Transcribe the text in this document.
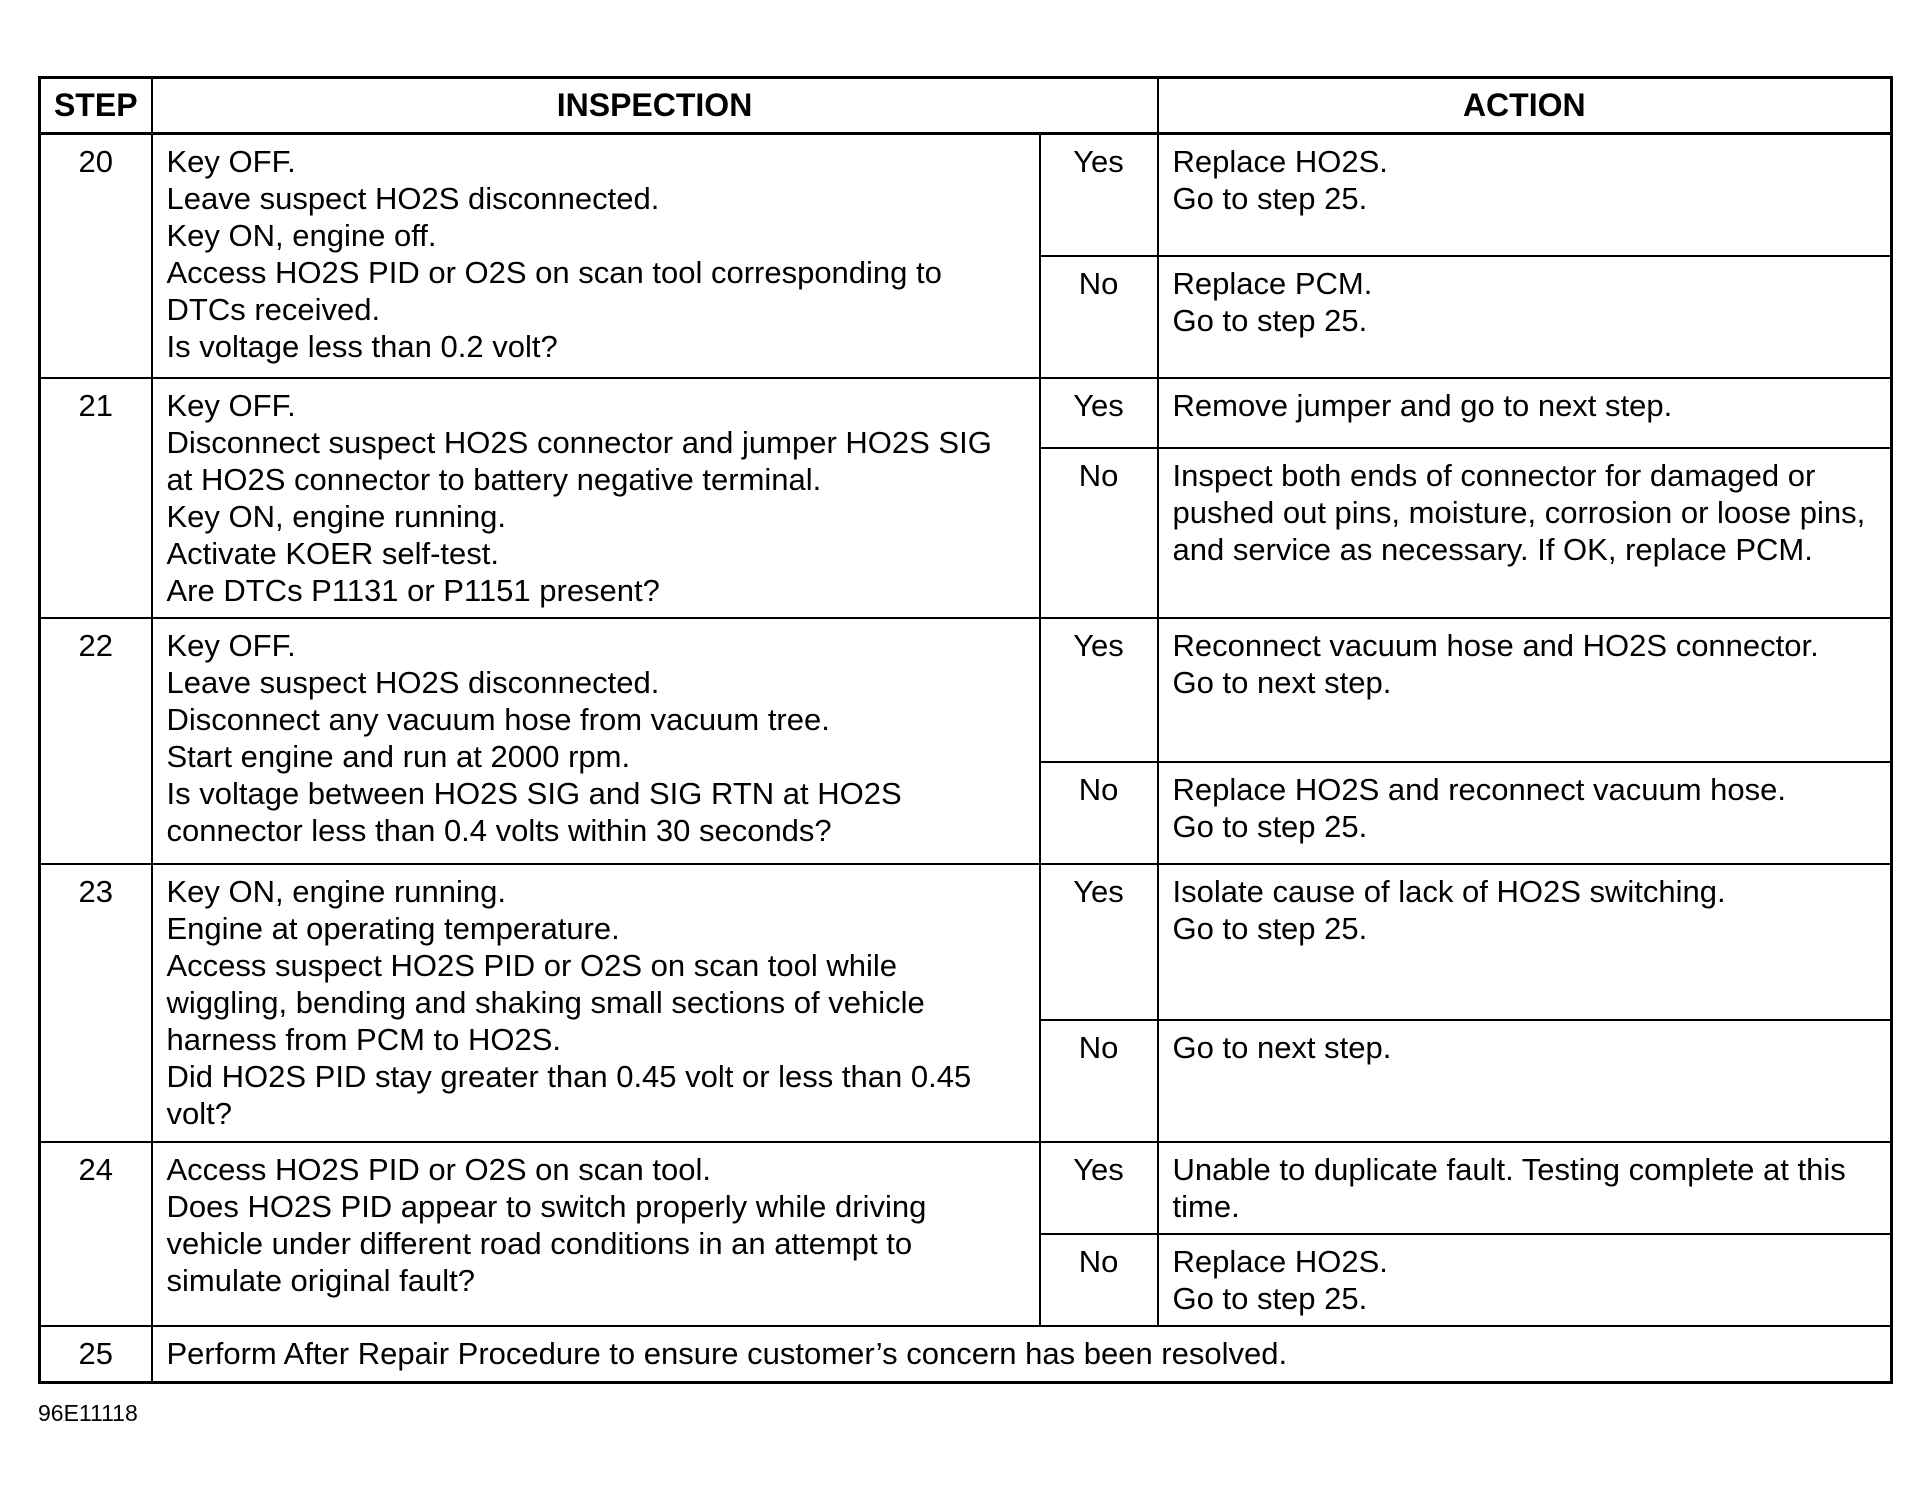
STEP	INSPECTION		ACTION
20	Key OFF.
Leave suspect HO2S disconnected.
Key ON, engine off.
Access HO2S PID or O2S on scan tool corresponding to DTCs received.
Is voltage less than 0.2 volt?	Yes	Replace HO2S.
Go to step 25.

		No	Replace PCM.
Go to step 25.

21	Key OFF.
Disconnect suspect HO2S connector and jumper HO2S SIG at HO2S connector to battery negative terminal.
Key ON, engine running.
Activate KOER self-test.
Are DTCs P1131 or P1151 present?	Yes	Remove jumper and go to next step.

		No	Inspect both ends of connector for damaged or pushed out pins, moisture, corrosion or loose pins, and service as necessary. If OK, replace PCM.

22	Key OFF.
Leave suspect HO2S disconnected.
Disconnect any vacuum hose from vacuum tree.
Start engine and run at 2000 rpm.
Is voltage between HO2S SIG and SIG RTN at HO2S connector less than 0.4 volts within 30 seconds?	Yes	Reconnect vacuum hose and HO2S connector.
Go to next step.

		No	Replace HO2S and reconnect vacuum hose.
Go to step 25.

23	Key ON, engine running.
Engine at operating temperature.
Access suspect HO2S PID or O2S on scan tool while wiggling, bending and shaking small sections of vehicle harness from PCM to HO2S.
Did HO2S PID stay greater than 0.45 volt or less than 0.45 volt?	Yes	Isolate cause of lack of HO2S switching.
Go to step 25.

		No	Go to next step.

24	Access HO2S PID or O2S on scan tool.
Does HO2S PID appear to switch properly while driving vehicle under different road conditions in an attempt to simulate original fault?	Yes	Unable to duplicate fault. Testing complete at this time.

		No	Replace HO2S.
Go to step 25.

25	Perform After Repair Procedure to ensure customer’s concern has been resolved.		
96E11118
